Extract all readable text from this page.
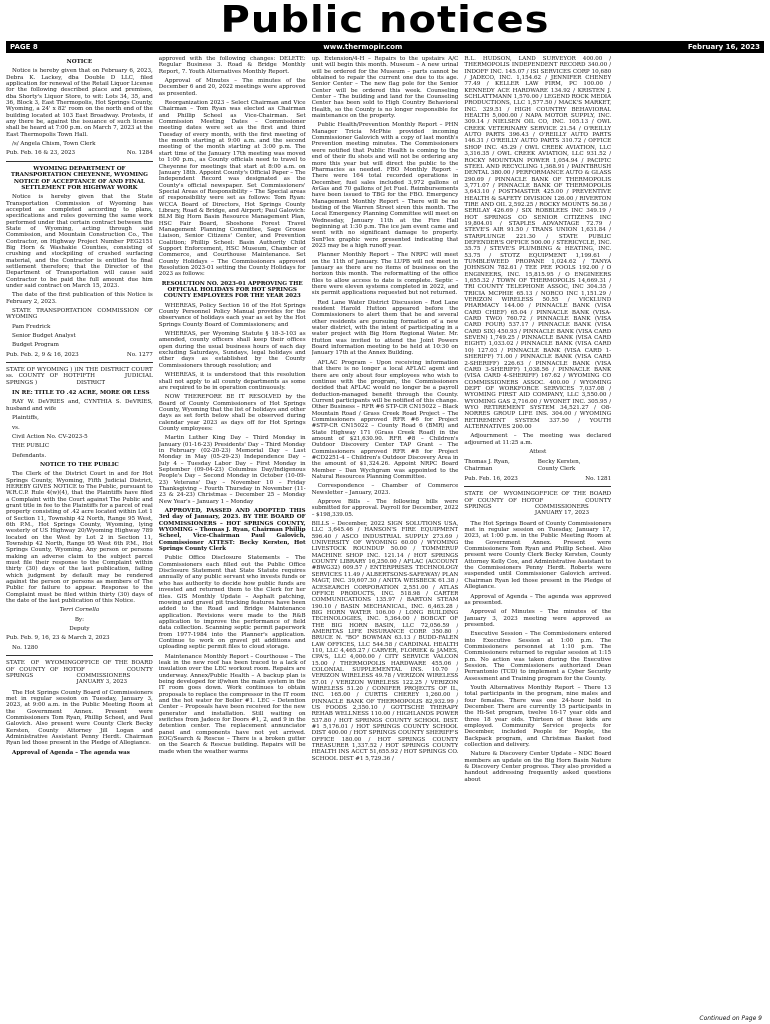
Public notices
PAGE 8	www.thermopir.com	February 16, 2023

NOTICE

Notice is hereby given that on February 6, 2023, Debra K. Lackey, dba Double D LLC, filed application for renewal of the Retail Liquor License for the following described place and premises, dba Shorty's Liquor Store, to wit: Lots 34, 35, and 36, Block 3, East Thermopolis, Hot Springs County, Wyoming, a 24' x 82' room on the north end of the building located at 103 East Broadway. Protests, if any there be, against the issuance of such license shall be heard at 7:00 p.m. on March 7, 2023 at the East Thermopolis Town Hall.

/s/ Angela Chism, Town Clerk

Pub. Feb. 16 & 23, 2023	No. 1284

WYOMING DEPARTMENT OF TRANSPORTATION CHEYENNE, WYOMING NOTICE OF ACCEPTANCE OF AND FINAL SETTLEMENT FOR HIGHWAY WORK

Notice is hereby given that the State Transportation Commission of Wyoming has accepted as completed according to plans, specifications and rules governing the same work performed under that certain contract between the State of Wyoming, acting through said Commission, and Mountain Construction Co., The Contractor, on Highway Project Number PEG2151 Big Horn & Washakie Counties, consisting of crushing and stockpiling of crushed surfacing material, and the Contractor is entitled to final settlement therefore; that the Director of the Department of Transportation will cause said Contractor to be paid the full amount due him under said contract on March 15, 2023.

The date of the first publication of this Notice is February 2, 2023.

STATE TRANSPORTATION COMMISSION OF WYOMING

Pam Fredrick

Senior Budget Analyst

Budget Program

Pub. Feb. 2, 9 & 16, 2023	No. 1277
STATE OF WYOMING ) ) ss. COUNTY OF HOT SPRINGS )
IN THE DISTRICT COURT FIFTH JUDICIAL DISTRICT

IN RE: TITLE TO .42 ACRE, MORE OR LESS

RAY W. DeVRIES and, CYNTHIA S. DeVRIES, husband and wife

Plaintiffs,

vs.

Civil Action No. CV-2023-5

THE PUBLIC

Defendants.

NOTICE TO THE PUBLIC

The Clerk of the District Court in and for Hot Springs County, Wyoming, Fifth Judicial District, HEREBY GIVES NOTICE to The Public, pursuant to W.R.C.P. Rule 4(w)(4), that the Plaintiffs have filed a Complaint with the Court against The Public and grant title in fee to the Plaintiffs for a parcel of real property consisting of .42 acre located within Lot 1 of Section 11, Township 42 North, Range 95 West, 6th P.M., Hot Springs County, Wyoming, lying westerly of US Highway 20/Wyoming Highway 789 located on the West by Lot 2 in Section 11, Township 42 North, Range 95 West 6th P.M., Hot Springs County, Wyoming. Any person or persons making an adverse claim to the subject parcel must file their response to the Complaint within thirty (30) days of the last publication, failing which judgment by default may be rendered against the person or persons as members of The Public for failure to appear. Response to the Complaint must be filed within thirty (30) days of the date of the last publication of this Notice.

Terri Cornella

By:

Deputy

Pub. Feb. 9, 16, 23 & March 2, 2023

No. 1280

STATE OF WYOMING OF COUNTY OF HOT SPRINGS
OFFICE OF THE BOARD OF COUNTY COMMISSIONERS JANUARY 3, 2023

The Hot Springs County Board of Commissioners met in regular session on Tuesday, January 3, 2023, at 9:00 a.m. in the Public Meeting Room at the Government Annex. Present were Commissioners Tom Ryan, Phillip Scheel, and Paul Galovich. Also present were County Clerk Becky Kersten, County Attorney Jill Logan and Administrative Assistant Penny Herdt. Chairman Ryan led those present in the Pledge of Allegiance.

Approval of Agenda – The agenda was

approved with the following changes: DELETE: Regular Business 3. Road & Bridge Monthly Report, 7. Youth Alternatives Monthly Report.

Approval of Minutes – The minutes of the December 6 and 20, 2022 meetings were approved as presented.

Reorganization 2023 – Select Chairman and Vice Chairman – Tom Ryan was elected as Chairman and Phillip Scheel as Vice-Chairman. Set Commission Meeting Dates – Commissioner meeting dates were set as the first and third Tuesday of every month, with the first meeting of the month starting at 9:00 a.m. and the second meeting of the month starting at 3:00 p.m. The start time of the January 17th meeting was moved to 1:00 p.m., as County officials need to travel to Cheyenne for meetings that start at 8:00 a.m. on January 18th. Appoint County's Official Paper – The Independent Record was designated as the County's official newspaper. Set Commissioners' Special Areas of Responsibility – The Special areas of responsibility were set as follows: Tom Ryan: WCCA Board of Directors, Hot Springs County Library, Road & Bridge, and Airport; Paul Galovich: BLM Big Horn Basin Resource Management Plan, HSC Fair Board, Shoshone Forest Travel Management Planning Committee, Sage Grouse Liaison, Senior Citizens' Center, and Prevention Coalition; Phillip Scheel: Basin Authority Child Support Enforcement, HSC Museum, Chamber of Commerce, and Courthouse Maintenance. Set County Holidays – The Commissioners approved Resolution 2023-01 setting the County Holidays for 2023 as follows:

RESOLUTION NO. 2023-01 APPROVING THE OFFICIAL HOLIDAYS FOR HOT SPRINGS COUNTY EMPLOYEES FOR THE YEAR 2023

WHEREAS, Policy Section 16 of the Hot Springs County Personnel Policy Manual provides for the observance of holidays each year as set by the Hot Springs County Board of Commissioners; and

WHEREAS, per Wyoming Statute § 18-3-103 as amended, county officers shall keep their offices open during the usual business hours of each day excluding Saturdays, Sundays, legal holidays and other days as established by the County Commissioners through resolution; and

WHEREAS, it is understood that this resolution shall not apply to all county departments as some are required to be in operation continuously.

NOW THEREFORE BE IT RESOLVED by the Board of County Commissioners of Hot Springs County, Wyoming that the list of holidays and other days as set forth below shall be observed during calendar year 2023 as days off for Hot Springs County employees:

Martin Luther King Day – Third Monday in January (01-16-23) Presidents' Day – Third Monday in February (02-20-23) Memorial Day – Last Monday in May (05-29-23) Independence Day – July 4 – Tuesday Labor Day – First Monday in September (09-04-23) Columbus Day/Indigenous People's Day – Second Monday in October (10-09-23) Veterans' Day – November 10 – Friday Thanksgiving – Fourth Thursday in November (11-23 & 24-23) Christmas – December 25 – Monday New Year's – January 1 – Monday

APPROVED, PASSED AND ADOPTED THIS 3rd day of January, 2023. BY THE BOARD OF COMMISSIONERS – HOT SPRINGS COUNTY, WYOMING – Thomas J. Ryan, Chairman Phillip Scheel, Vice-Chairman Paul Galovich, Commissioner ATTEST: Becky Kersten, Hot Springs County Clerk

Public Office Disclosure Statements – The Commissioners each filled out the Public Office Disclosure Statement that State Statute requires annually of any public servant who invests funds or who has authority to decide how public funds are invested and returned them to the Clerk for her files. GIS Monthly Update – Asphalt patching, mowing and gravel pit tracking features have been added to the Road and Bridge Maintenance application. Revisions were made to the R&B application to improve the performance of field data collection. Scanning septic permit paperwork from 1977-1984 into the Planner's application. Continue to work on gravel pit additions and uploading septic permit files to cloud storage.

Maintenance Monthly Report – Courthouse – The leak in the new roof has been traced to a lack of insulation over the LEC workout room. Repairs are underway. Annex/Public Health – A backup plan is being developed for if/when the main system in the IT room goes down. Work continues to obtain proposals to replace the compressor in the IT room and the hot water for Boiler #1. LEC – Detention Center – Proposals have been received for the new generator and installation. Still waiting on switches from Jadeco for Doors #1, 2, and 9 in the detention center. The replacement annunciator panel and components have not yet arrived. EOC/Search & Rescue – There is a broken gutter on the Search & Rescue building. Repairs will be made when the weather warms

up. Extension/4-H – Repairs to the upstairs A/C unit will begin this month. Museum – A new urinal will be ordered for the Museum – parts cannot be obtained to repair the current one due to its age. Senior Center – The new flag pole for the Senior Center will be ordered this week. Counseling Center – The building and land for the Counseling Center has been sold to High Country Behavioral Health, so the County is no longer responsible for maintenance on the property.

Public Health/Prevention Monthly Report – PHN Manager Tricia McPhie provided incoming Commissioner Galovich with a copy of last month's Prevention meeting minutes. The Commissioners were notified that Public Health is coming to the end of their flu shots and will not be ordering any more this year but will direct the public to the Pharmacies as needed. FBO Monthly Report – There were 164 total recorded operations in December, fuel sales included 3,972 gallons of AvGas and 70 gallons of Jet Fuel. Reimbursements have been issued to TBG for the FBO. Emergency Management Monthly Report – There will be no testing of the Warren Street siren this month. The Local Emergency Planning Committee will meet on Wednesday, January 11th at the Fire Hall beginning at 1:30 p.m. The ice jam event came and went with no significant damage to property. SunFlex graphic were presented indicating that 2023 may be a high runoff year.

Planner Monthly Report – The NRPC will meet on the 11th of January. The LUPB will not meet in January as there are no items of business on the horizon this month. The reformatting of the office files to allow access to date is complete. Septic – there were eleven systems completed in 2022, and six permit applications requested but not returned.

Red Lane Water District Discussion – Rod Lane resident Harold Hutton appeared before the Commissioners to alert them that he and several other residents are pursuing formation of a new water district, with the intent of participating in a water project with Big Horn Regional Water. Mr. Hutton was invited to attend the Joint Powers Board information meeting to be held at 10:30 on January 17th at the Annex Building.

AFLAC Program – Upon receiving information that there is no longer a local AFLAC agent and there are only about four employees who wish to continue with the program, the Commissioners decided that AFLAC would no longer be a payroll deduction-managed benefit through the County. Current participants will be notified of this change. Other Business – RFR #6 STP-CR CN15022 – Black Mountain Road / Grass Creek Road Project – The Commissioners approved RFR #6 for Project #STP-CR CN15022 – County Road 6 (BMR) and State Highway 171 (Grass Creek Road) in the amount of $21,630.90. RFR #8 – Children's Outdoor Discovery Center TAP Grant – The Commissioners approved RFR #8 for Project #CD2251-4 – Children's Outdoor Discovery Area in the amount of $1,324.26. Appoint NRPC Board Member – Dan Wychgram was appointed to the Natural Resources Planning Committee.

Correspondence – Chamber of Commerce Newsletter – January, 2023.

Approve Bills – The following bills were submitted for approval. Payroll for December, 2022 – $198,339.05.

BILLS – December, 2022 SIGN SOLUTIONS USA, LLC 3,645.46 / HANSON'S FIRE EQUIPMENT 596.40 / ASCO INDUSTRIAL SUPPLY 273.69 / UNIVERSITY OF WYOMING 60.00 / WYOMING LIVESTOCK ROUNDUP 50.00 / TOMMERUP MACHINE SHOP INC. 121.14 / HOT SPRINGS COUNTY LIBRARY 16,250.00 / AFLAC (ACCOUNT #BWG32) 609.57 / ENTERPRISES TECHNOLOGY SERVICES 11.49 / ALBERTSONS-SAFEWAY/ PLAN MAGT, INC. 39,607.30 / ANITA WEISBECK 61.38 / ACESEARCH CORPORATION 2,551.00 / ATLAS OFFICE PRODUCTS, INC. 518.98 / CARTER COMMUNICATIONS 135.97 / BARTON STEAM 190.10 / BASIN MECHANICAL, INC. 6,463.28 / BIG HORN WATER 106.00 / LONG BUILDING TECHNOLOGIES, INC. 5,364.00 / BOBCAT OF THE BIG HORN BASIN, LLC 72,056.59 / AMERITAS LIFE INSURANCE CORP. 350.80 / BRUCE N. "BO" BOWMAN 63.13 / BUDD-FALEN LAW OFFICES, LLC 544.58 / CARDINAL HEALTH 110, LLC 4,465.27 / CARVER, FLORIEK & JAMES, CPA'S, LLC 4,000.00 / CITY SERVICE VALCON 15.00 / THERMOPOLIS HARDWARE 455.06 / COLONIAL SUPPLEMENTAL INS. 10.70 / VERIZON WIRELESS 49.78 / VERIZON WIRELESS 57.01 / VERIZON WIRELESS 122.25 / VERIZON WIRELESS 51.20 / CONIFER PROJECTS OF IL, INC. 165.00 / CURTIS CHEREY 1,260.00 / PINNACLE BANK OF THERMOPOLIS 82,932.99 / US FOODS 2,350.10 / GOTTSCHE THERAPY REHAB WELLNESS 110.00 / HIGHLANDS POWER 537.80 / HOT SPRINGS COUNTY SCHOOL DIST. #1 5,176.01 / HOT SPRINGS COUNTY SCHOOL DIST 400.00 / HOT SPRINGS COUNTY SHERIFF'S OFFICE 180.00 / HOT SPRINGS COUNTY TREASURER 1,337.52 / HOT SPRINGS COUNTY HEALTH INS ACCT 51,655.92 / HOT SPRINGS CO. SCHOOL DIST #1 5,729.36 /

R.L. HUDSON, LAND SURVEYOR 400.00 / THERMOPOLIS INDEPENDENT RECORD 340.00 / INDOFF INC. 145.07 / ISI SERVICES CORP 10,680 / JADECO, INC. 1,154.62 / JENNIFER CHENEY 77.49 / KELLER LAW FIRM, PC 100.00 / KENNEDY ACE HARDWARE 134.92 / KRISTEN J. SCHLATTMANN 1,570.00 / LEGEND ROCK MEDIA PRODUCTIONS, LLC 1,577.50 / MACK'S MARKET, INC. 329.51 / HIGH COUNTRY BEHAVIORAL HEALTH 5,000.00 / NAPA MOTOR SUPPLY, INC. 309.14 / NIELSEN OIL CO, INC. 105.13 / OWL CREEK VETERINARY SERVICE 21.54 / O'REILLY AUTO PARTS 396.43 / O'REILLY AUTO PARTS 146.31 / O'REILLY AUTO PARTS 310.72 / OFFICE SHOP INC. 45.29 / OWL CREEK AVIATION, LLC 3,316.35 / OWL CREEK AVIATION, LLC 931.52 / ROCKY MOUNTAIN POWER 1,054.94 / PACIFIC STEEL AND RECYCLING 1,368.91 / PAINTBRUSH DENTAL 380.00 / PERFORMANCE AUTO & GLASS 290.69 / PINNACLE BANK OF THERMOPOLIS 3,771.07 / PINNACLE BANK OF THERMOPOLIS 3,643.10 / POSTMASTER 425.00 / PREVENTIVE HEALTH & SAFETY DIVISION 126.00 / RIVERTON TIRE AND OIL 2,592.25 / ROCKY MOUNTS 56.36 / SERILAY 426.69 / SIX ROBBLEES INC 349.19 / HOT SPRINGS CO SENIOR CITIZENS INC 19,804.01 / STAPLES ADVANTAGE 72.79 / STEVE'S AIR 91.50 / TRANS UNION 1,631.84 / STARPLUNGE 221.30 / STATE PUBLIC DEFENDER'S OFFICE 500.00 / STERICYCLE, INC. 35.75 / STEVE'S PLUMBING & HEATING, INC. 53.75 / STOTZ EQUIPMENT 1,199.61 / TUMBLEWEED PROPANE 1,024.62 / TANYA JOHNSON 782.61 / TEE PEE POOLS 192.00 / O ENGINEERS, INC. 15,815.95 / O ENGINEERS 1,655.32 / TOWN OF THERMOPOLIS 14,669.31 / TRI COUNTY TELEPHONE ASSOC, INC 304.35 / TRICIA MCPHIE 65.13 / NORCO INC 1,151.29 / VERIZON WIRELESS 50.55 / VICKLUND PHARMACY 144.00 / PINNACLE BANK (VISA CARD CHIEF) 65.04 / PINNACLE BANK (VISA-CARD TWO) 760.72 / PINNACLE BANK (VISA CARD FOUR) 537.17 / PINNACLE BANK (VISA CARD SIX) 450.93 / PINNACLE BANK (VISA CARD SEVEN) 1,749.25 / PINNACLE BANK (VISA CARD EIGHT) 1,033.02 / PINNACLE BANK (VISA CARD 10) 127.03 / PINNACLE BANK (VISA CARD 1-SHERIFF) 71.00 / PINNACLE BANK (VISA CARD 2-SHERIFF) 226.63 / PINNACLE BANK (VISA CARD 3-SHERIFF) 1,038.56 / PINNACLE BANK (VISA CARD 4-SHERIFF) 167.62 / WYOMING CO COMMISSIONERS ASSOC. 400.00 / WYOMING DEPT OF WORKFORCE SERVICES 7,037.08 / WYOMING FIRST AID COMPANY, LLC 3,550.00 / WYOMING GAS 2,716.00 / WYONET INC. 305.95 / WYO RETIREMENT SYSTEM 34,521.27 / O8-NORRES GROUP LIFE INS. 304.00 / WYOMING RETIREMENT SYSTEM 337.50 / YOUTH ALTERNATIVES 200.00

Adjournment – The meeting was declared adjourned at 11:25 a.m.

Attest

Thomas J. Ryan,
Chairman
Becky Kersten,
County Clerk
Pub. Feb. 16, 2023	No. 1281
STATE OF WYOMING OF COUNTY OF HOT SPRINGS
OFFICE OF THE BOARD OF COUNTY COMMISSIONERS JANUARY 17, 2023

The Hot Springs Board of County Commissioners met in regular session on Tuesday, January 17, 2023, at 1:00 p.m. in the Public Meeting Room at the Government Annex. Present were Commissioners Tom Ryan and Phillip Scheel. Also present were County Clerk Becky Kersten, County Attorney Kelly Cox, and Administrative Assistant to the Commissioners Penny Herdt. Roberts were suspended until Commissioner Galovich arrived. Chairman Ryan led those present in the Pledge of Allegiance.

Approval of Agenda – The agenda was approved as presented.

Approval of Minutes – The minutes of the January 3, 2023 meeting were approved as presented.

Executive Session – The Commissioners entered into Executive Session at 1:00 p.m. The Commissioners personnel at 1:10 p.m. The Commissioners returned to regular session at 1:15 p.m. No action was taken during the Executive Session. The Commissioners authorized Dean Perrantonio (TCD) to implement a Cyber Security Assessment and Training program for the County.

Youth Alternatives Monthly Report – There 13 total participants in the program, nine males and four females. There was one 24-hour hold in December. There are currently 15 participants in the Hi-Set program, twelve 16-17 year olds and three 18 year olds. Thirteen of these kids are employed. Community Service projects for December, included People for People, the Backpack program, and Christmas Basket food collection and delivery.

Nature & Discovery Center Update – NDC Board members an update on the Big Horn Basin Nature & Discovery Center progress. They also provided a handout addressing frequently asked questions about

Continued on Page 9
